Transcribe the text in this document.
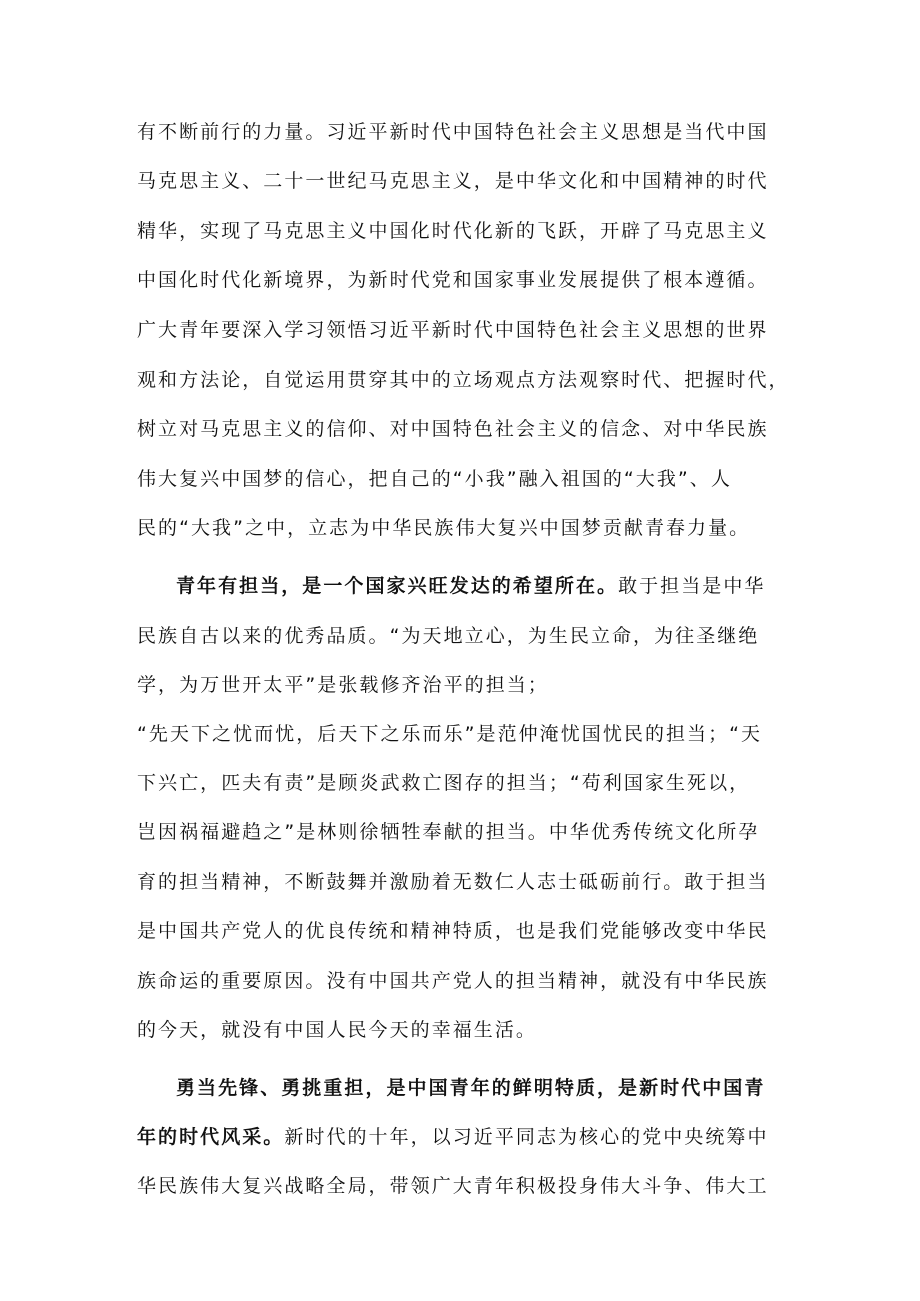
有不断前行的力量。习近平新时代中国特色社会主义思想是当代中国
马克思主义、二十一世纪马克思主义，是中华文化和中国精神的时代
精华，实现了马克思主义中国化时代化新的飞跃，开辟了马克思主义
中国化时代化新境界，为新时代党和国家事业发展提供了根本遵循。
广大青年要深入学习领悟习近平新时代中国特色社会主义思想的世界
观和方法论，自觉运用贯穿其中的立场观点方法观察时代、把握时代，
树立对马克思主义的信仰、对中国特色社会主义的信念、对中华民族
伟大复兴中国梦的信心，把自己的“小我”融入祖国的“大我”、人
民的“大我”之中，立志为中华民族伟大复兴中国梦贡献青春力量。
青年有担当，是一个国家兴旺发达的希望所在。敢于担当是中华
民族自古以来的优秀品质。“为天地立心，为生民立命，为往圣继绝
学，为万世开太平”是张载修齐治平的担当；
“先天下之忧而忧，后天下之乐而乐”是范仲淹忧国忧民的担当；“天
下兴亡，匹夫有责”是顾炎武救亡图存的担当；“苟利国家生死以，
岂因祸福避趋之”是林则徐牺牲奉献的担当。中华优秀传统文化所孕
育的担当精神，不断鼓舞并激励着无数仁人志士砥砺前行。敢于担当
是中国共产党人的优良传统和精神特质，也是我们党能够改变中华民
族命运的重要原因。没有中国共产党人的担当精神，就没有中华民族
的今天，就没有中国人民今天的幸福生活。
勇当先锋、勇挑重担，是中国青年的鲜明特质，是新时代中国青
年的时代风采。新时代的十年，以习近平同志为核心的党中央统筹中
华民族伟大复兴战略全局，带领广大青年积极投身伟大斗争、伟大工
